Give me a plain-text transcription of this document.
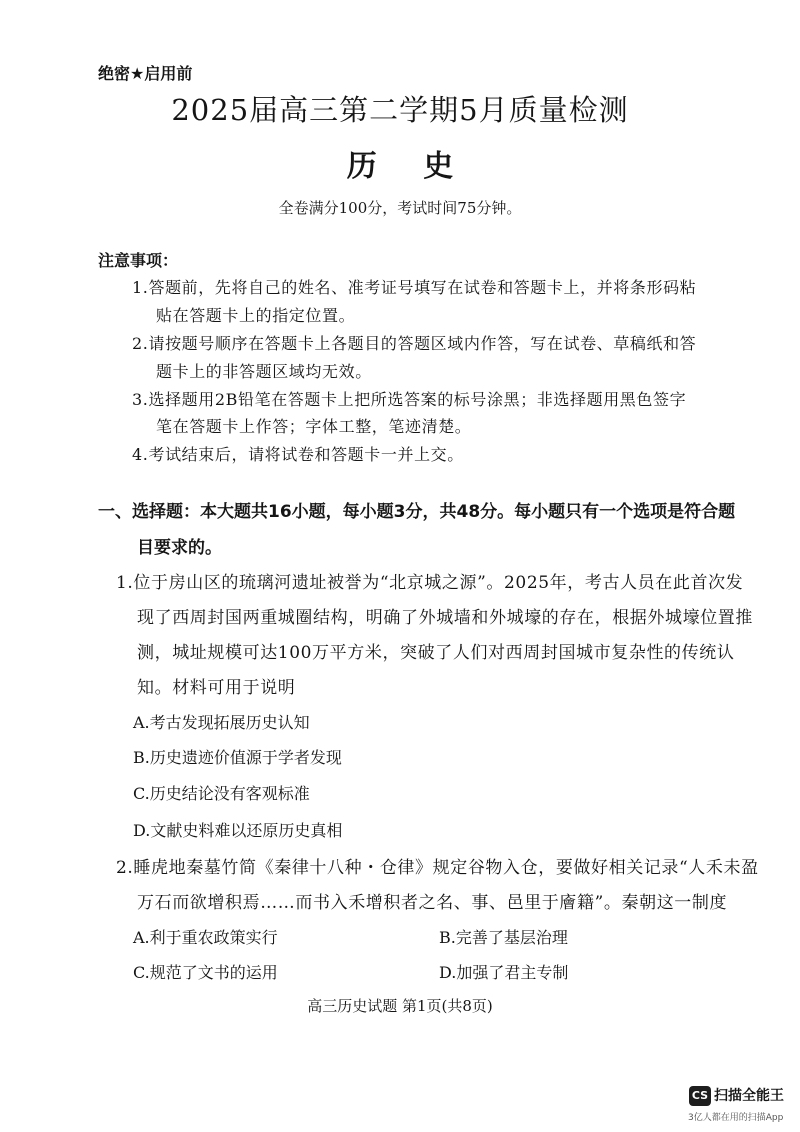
绝密★启用前
2025届高三第二学期5月质量检测
历 史
全卷满分100分，考试时间75分钟。
注意事项：
1.答题前，先将自己的姓名、准考证号填写在试卷和答题卡上，并将条形码粘
贴在答题卡上的指定位置。
2.请按题号顺序在答题卡上各题目的答题区域内作答，写在试卷、草稿纸和答
题卡上的非答题区域均无效。
3.选择题用2B铅笔在答题卡上把所选答案的标号涂黑；非选择题用黑色签字
笔在答题卡上作答；字体工整，笔迹清楚。
4.考试结束后，请将试卷和答题卡一并上交。
一、选择题：本大题共16小题，每小题3分，共48分。每小题只有一个选项是符合题
目要求的。
1.位于房山区的琉璃河遗址被誉为“北京城之源”。2025年，考古人员在此首次发
现了西周封国两重城圈结构，明确了外城墙和外城壕的存在，根据外城壕位置推
测，城址规模可达100万平方米，突破了人们对西周封国城市复杂性的传统认
知。材料可用于说明
A.考古发现拓展历史认知
B.历史遗迹价值源于学者发现
C.历史结论没有客观标准
D.文献史料难以还原历史真相
2.睡虎地秦墓竹简《秦律十八种・仓律》规定谷物入仓，要做好相关记录“人禾未盈
万石而欲增积焉……而书入禾增积者之名、事、邑里于廥籍”。秦朝这一制度
A.利于重农政策实行	B.完善了基层治理
C.规范了文书的运用	D.加强了君主专制
高三历史试题 第1页(共8页)
CS 扫描全能王
3亿人都在用的扫描App
